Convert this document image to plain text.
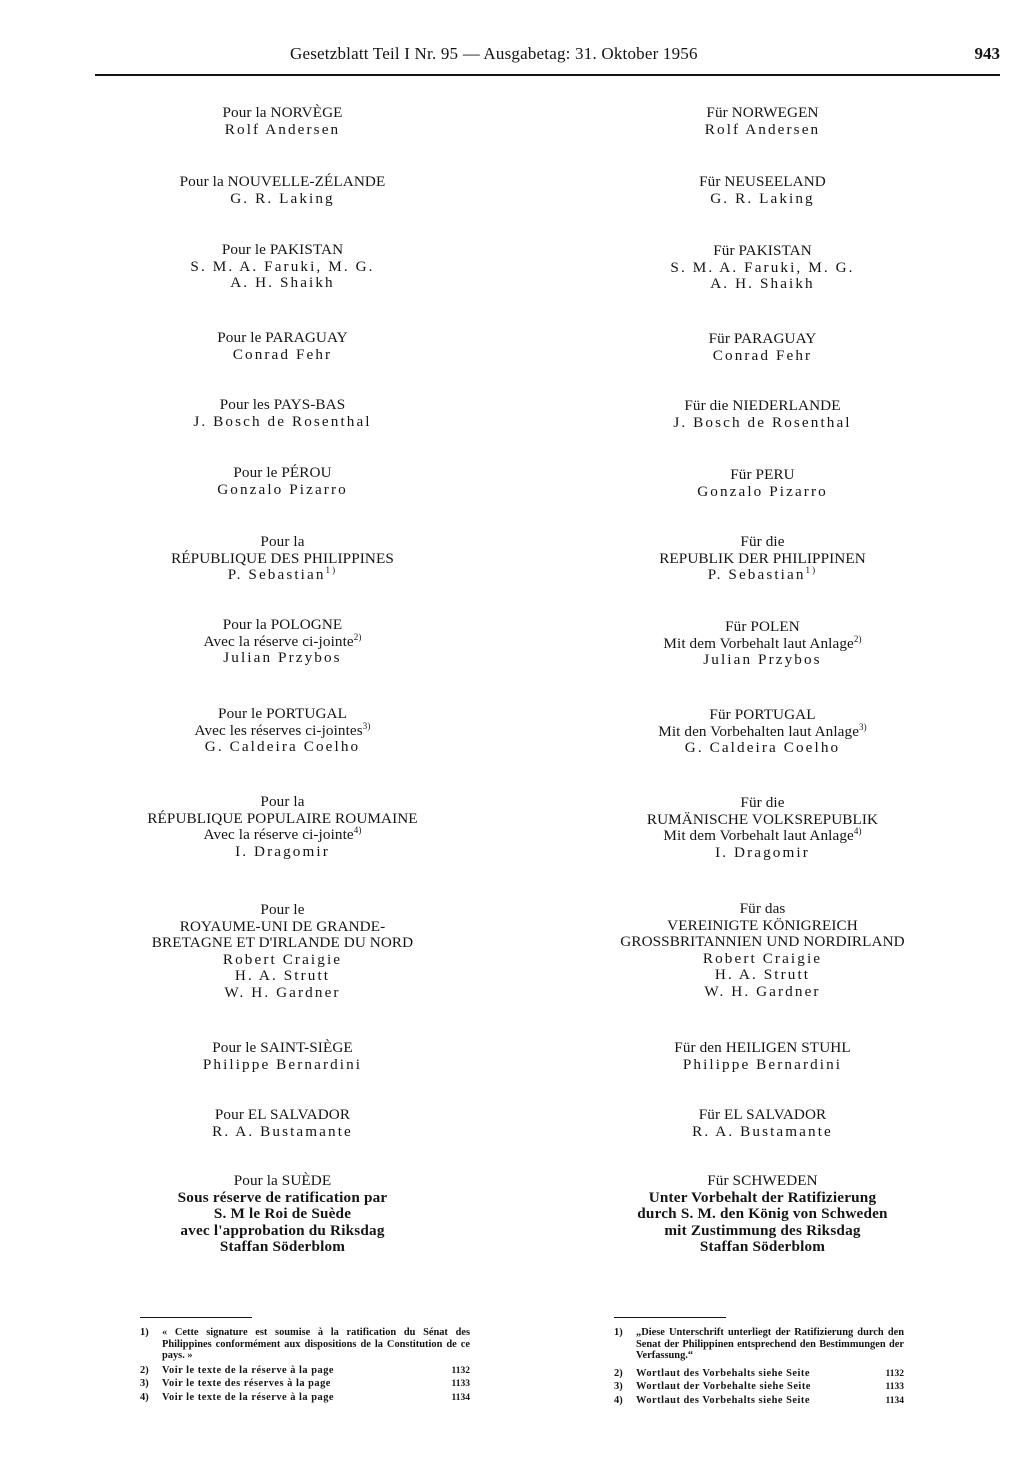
Gesetzblatt Teil I Nr. 95 — Ausgabetag: 31. Oktober 1956	943
Pour la NORVÈGE
Rolf Andersen
Pour la NOUVELLE-ZÉLANDE
G. R. Laking
Pour le PAKISTAN
S. M. A. Faruki, M. G.
A. H. Shaikh
Pour le PARAGUAY
Conrad Fehr
Pour les PAYS-BAS
J. Bosch de Rosenthal
Pour le PÉROU
Gonzalo Pizarro
Pour la
RÉPUBLIQUE DES PHILIPPINES
P. Sebastian$^{1)}$
Pour la POLOGNE
Avec la réserve ci-jointe$^{2)}$
Julian Przybos
Pour le PORTUGAL
Avec les réserves ci-jointes$^{3)}$
G. Caldeira Coelho
Pour la
RÉPUBLIQUE POPULAIRE ROUMAINE
Avec la réserve ci-jointe$^{4)}$
I. Dragomir
Pour le
ROYAUME-UNI DE GRANDE-
BRETAGNE ET D'IRLANDE DU NORD
Robert Craigie
H. A. Strutt
W. H. Gardner
Pour le SAINT-SIÈGE
Philippe Bernardini
Pour EL SALVADOR
R. A. Bustamante
Pour la SUÈDE
Sous réserve de ratification par
S. M le Roi de Suède
avec l'approbation du Riksdag
Staffan Söderblom
Für NORWEGEN
Rolf Andersen
Für NEUSEELAND
G. R. Laking
Für PAKISTAN
S. M. A. Faruki, M. G.
A. H. Shaikh
Für PARAGUAY
Conrad Fehr
Für die NIEDERLANDE
J. Bosch de Rosenthal
Für PERU
Gonzalo Pizarro
Für die
REPUBLIK DER PHILIPPINEN
P. Sebastian$^{1)}$
Für POLEN
Mit dem Vorbehalt laut Anlage$^{2)}$
Julian Przybos
Für PORTUGAL
Mit den Vorbehalten laut Anlage$^{3)}$
G. Caldeira Coelho
Für die
RUMÄNISCHE VOLKSREPUBLIK
Mit dem Vorbehalt laut Anlage$^{4)}$
I. Dragomir
Für das
VEREINIGTE KÖNIGREICH
GROSSBRITANNIEN UND NORDIRLAND
Robert Craigie
H. A. Strutt
W. H. Gardner
Für den HEILIGEN STUHL
Philippe Bernardini
Für EL SALVADOR
R. A. Bustamante
Für SCHWEDEN
Unter Vorbehalt der Ratifizierung
durch S. M. den König von Schweden
mit Zustimmung des Riksdag
Staffan Söderblom
1) « Cette signature est soumise à la ratification du Sénat des Philippines conformément aux dispositions de la Constitution de ce pays. »
2) Voir le texte de la réserve à la page	1132
3) Voir le texte des réserves à la page	1133
4) Voir le texte de la réserve à la page	1134
1) „Diese Unterschrift unterliegt der Ratifizierung durch den Senat der Philippinen entsprechend den Bestimmungen der Verfassung.“
2) Wortlaut des Vorbehalts siehe Seite	1132
3) Wortlaut der Vorbehalte siehe Seite	1133
4) Wortlaut des Vorbehalts siehe Seite	1134
